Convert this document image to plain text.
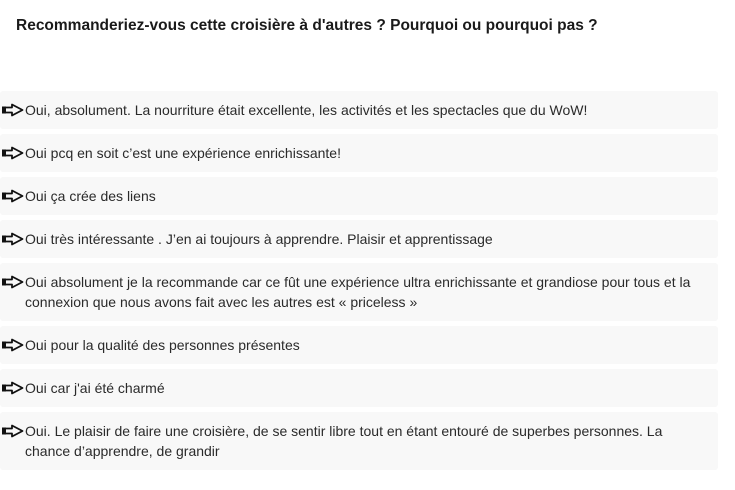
Recommanderiez-vous cette croisière à d'autres ? Pourquoi ou pourquoi pas ?
Oui, absolument. La nourriture était excellente, les activités et les spectacles que du WoW!
Oui pcq en soit c’est une expérience enrichissante!
Oui ça crée des liens
Oui très intéressante . J’en ai toujours à apprendre. Plaisir et apprentissage
Oui absolument je la recommande car ce fût une expérience ultra enrichissante et grandiose pour tous et la connexion que nous avons fait avec les autres est « priceless »
Oui pour la qualité des personnes présentes
Oui car j'ai été charmé
Oui. Le plaisir de faire une croisière, de se sentir libre tout en étant entouré de superbes personnes. La chance d’apprendre, de grandir
